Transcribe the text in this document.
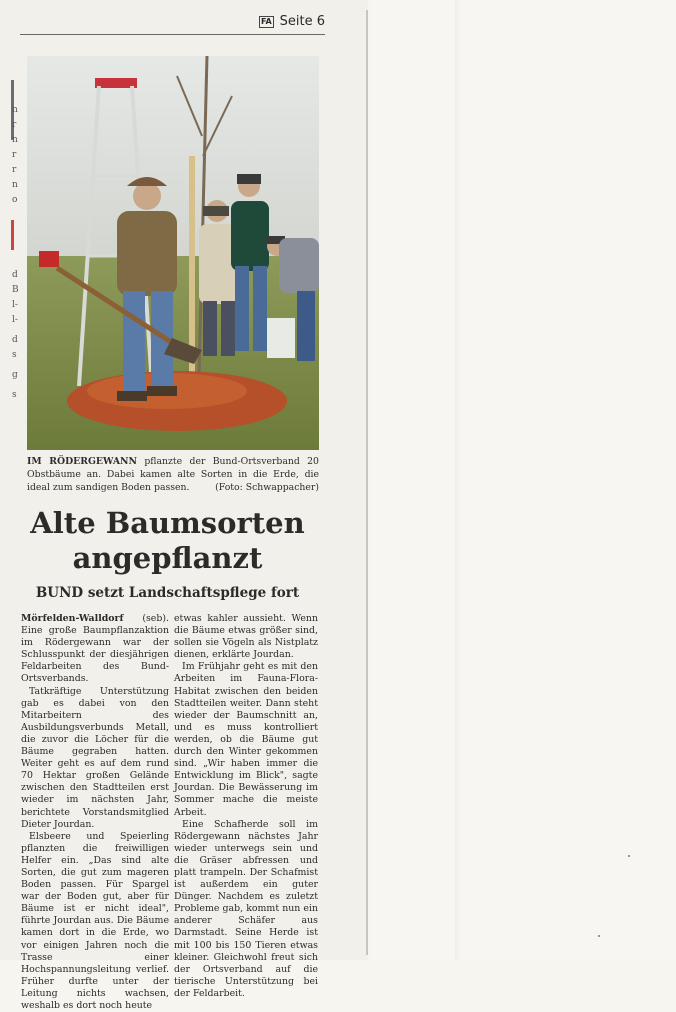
n
r
n
r
r
n
o
d
B
l-
l-
d
s
g
s
FA Seite 6
IM RÖDERGEWANN pflanzte der Bund-Ortsverband 20 Obstbäume an. Dabei kamen alte Sorten in die Erde, die ideal zum sandigen Boden passen.	(Foto: Schwappacher)
Alte Baumsorten angepflanzt
BUND setzt Landschaftspflege fort

Mörfelden-Walldorf (seb). Eine große Baumpflanzaktion im Rödergewann war der Schlusspunkt der diesjährigen Feldarbeiten des Bund-Ortsverbands.

Tatkräftige Unterstützung gab es dabei von den Mitarbeitern des Ausbildungsverbunds Metall, die zuvor die Löcher für die Bäume gegraben hatten. Weiter geht es auf dem rund 70 Hektar großen Gelände zwischen den Stadtteilen erst wieder im nächsten Jahr, berichtete Vorstandsmitglied Dieter Jourdan.

Elsbeere und Speierling pflanzten die freiwilligen Helfer ein. „Das sind alte Sorten, die gut zum mageren Boden passen. Für Spargel war der Boden gut, aber für Bäume ist er nicht ideal", führte Jourdan aus. Die Bäume kamen dort in die Erde, wo vor einigen Jahren noch die Trasse einer Hochspannungsleitung verlief. Früher durfte unter der Leitung nichts wachsen, weshalb es dort noch heute

etwas kahler aussieht. Wenn die Bäume etwas größer sind, sollen sie Vögeln als Nistplatz dienen, erklärte Jourdan.

Im Frühjahr geht es mit den Arbeiten im Fauna-Flora-Habitat zwischen den beiden Stadtteilen weiter. Dann steht wieder der Baumschnitt an, und es muss kontrolliert werden, ob die Bäume gut durch den Winter gekommen sind. „Wir haben immer die Entwicklung im Blick", sagte Jourdan. Die Bewässerung im Sommer mache die meiste Arbeit.

Eine Schafherde soll im Rödergewann nächstes Jahr wieder unterwegs sein und die Gräser abfressen und platt trampeln. Der Schafmist ist außerdem ein guter Dünger. Nachdem es zuletzt Probleme gab, kommt nun ein anderer Schäfer aus Darmstadt. Seine Herde ist mit 100 bis 150 Tieren etwas kleiner. Gleichwohl freut sich der Ortsverband auf die tierische Unterstützung bei der Feldarbeit.
